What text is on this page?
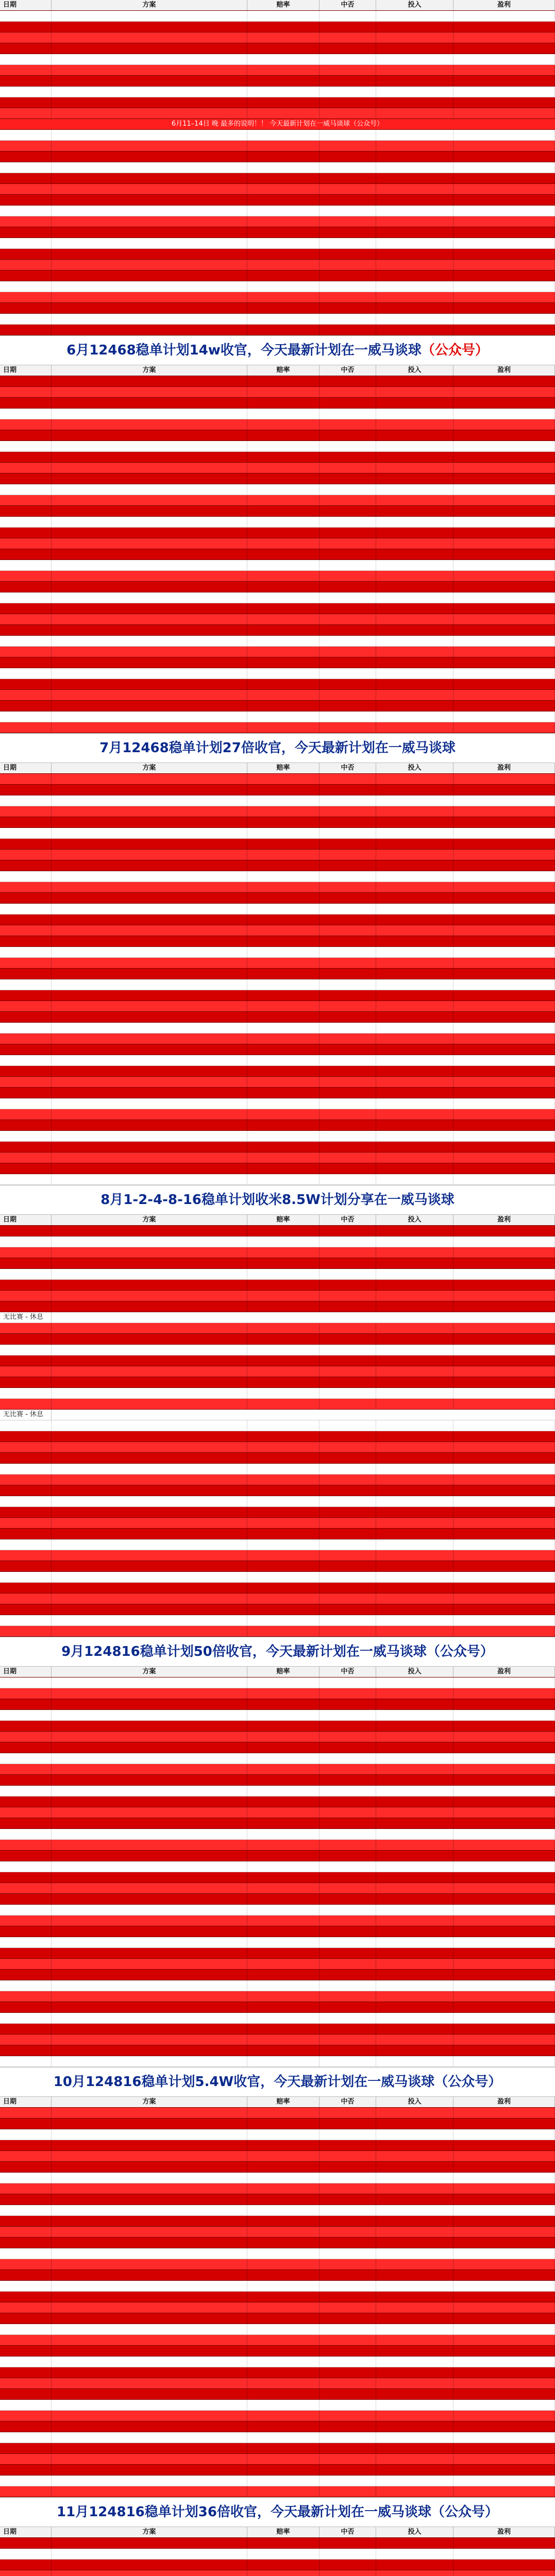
日期	方案	赔率	中否	投入	盈利
6月11–14日 晚 最多的说明！！ 今天最新计划在一威马谈球（公众号）
6月12468稳单计划14w收官，今天最新计划在一威马谈球（公众号）
日期	方案	赔率	中否	投入	盈利
7月12468稳单计划27倍收官，今天最新计划在一威马谈球
日期	方案	赔率	中否	投入	盈利
8月1-2-4-8-16稳单计划收米8.5W计划分享在一威马谈球
日期	方案	赔率	中否	投入	盈利
无比赛 - 休息
无比赛 - 休息
9月124816稳单计划50倍收官，今天最新计划在一威马谈球（公众号）
日期	方案	赔率	中否	投入	盈利
10月124816稳单计划5.4W收官，今天最新计划在一威马谈球（公众号）
日期	方案	赔率	中否	投入	盈利
11月124816稳单计划36倍收官，今天最新计划在一威马谈球（公众号）
日期	方案	赔率	中否	投入	盈利
